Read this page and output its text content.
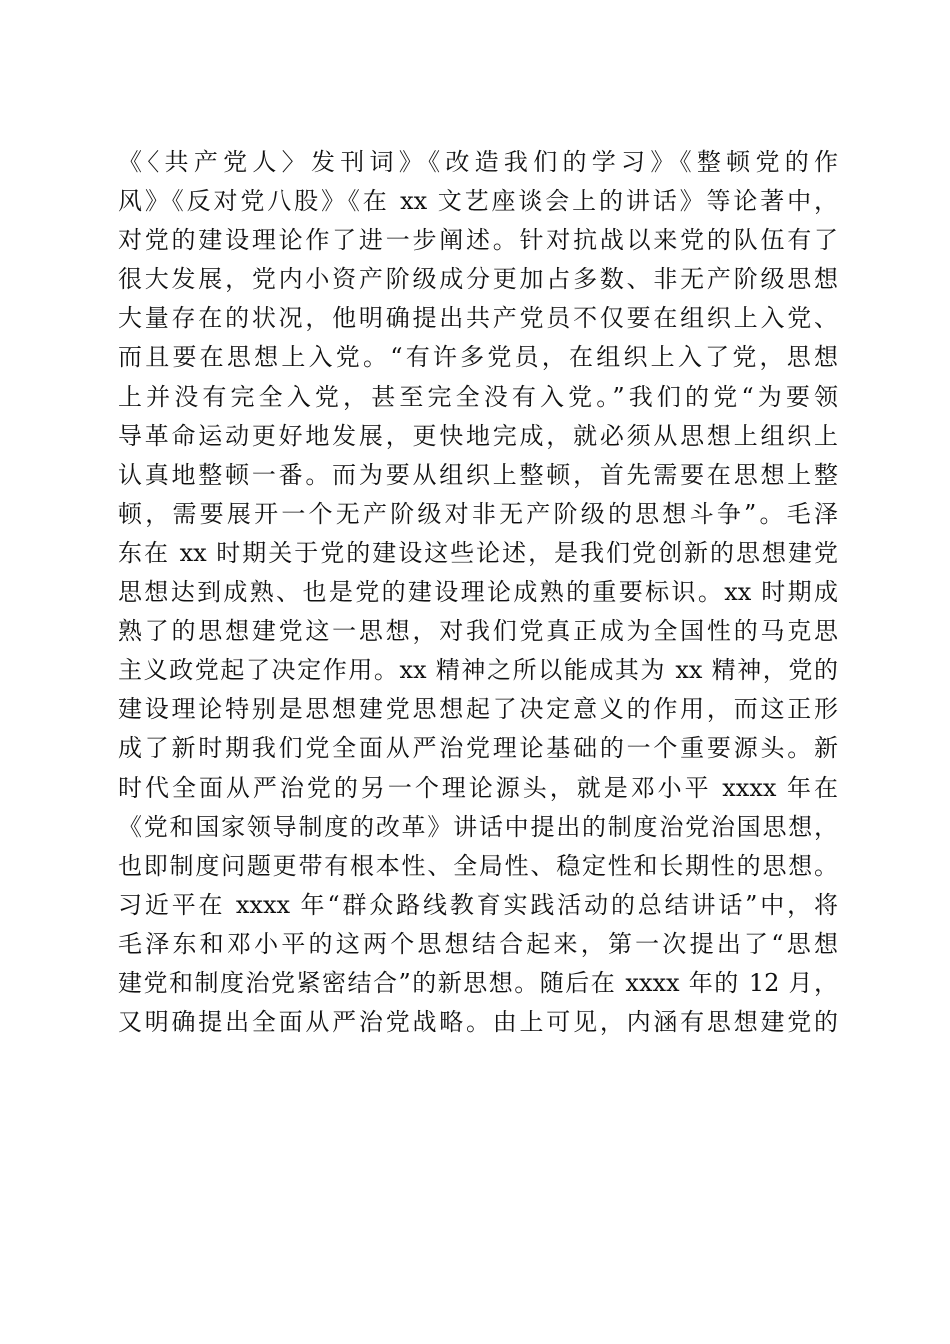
《〈共产党人〉发刊词》《改造我们的学习》《整顿党的作
风》《反对党八股》《在 xx 文艺座谈会上的讲话》等论著中，
对党的建设理论作了进一步阐述。针对抗战以来党的队伍有了
很大发展，党内小资产阶级成分更加占多数、非无产阶级思想
大量存在的状况，他明确提出共产党员不仅要在组织上入党、
而且要在思想上入党。“有许多党员，在组织上入了党，思想
上并没有完全入党，甚至完全没有入党。”我们的党“为要领
导革命运动更好地发展，更快地完成，就必须从思想上组织上
认真地整顿一番。而为要从组织上整顿，首先需要在思想上整
顿，需要展开一个无产阶级对非无产阶级的思想斗争”。毛泽
东在 xx 时期关于党的建设这些论述，是我们党创新的思想建党
思想达到成熟、也是党的建设理论成熟的重要标识。xx 时期成
熟了的思想建党这一思想，对我们党真正成为全国性的马克思
主义政党起了决定作用。xx 精神之所以能成其为 xx 精神，党的
建设理论特别是思想建党思想起了决定意义的作用，而这正形
成了新时期我们党全面从严治党理论基础的一个重要源头。新
时代全面从严治党的另一个理论源头，就是邓小平 xxxx 年在
《党和国家领导制度的改革》讲话中提出的制度治党治国思想，
也即制度问题更带有根本性、全局性、稳定性和长期性的思想。
习近平在 xxxx 年“群众路线教育实践活动的总结讲话”中，将
毛泽东和邓小平的这两个思想结合起来，第一次提出了“思想
建党和制度治党紧密结合”的新思想。随后在 xxxx 年的 12 月，
又明确提出全面从严治党战略。由上可见，内涵有思想建党的
